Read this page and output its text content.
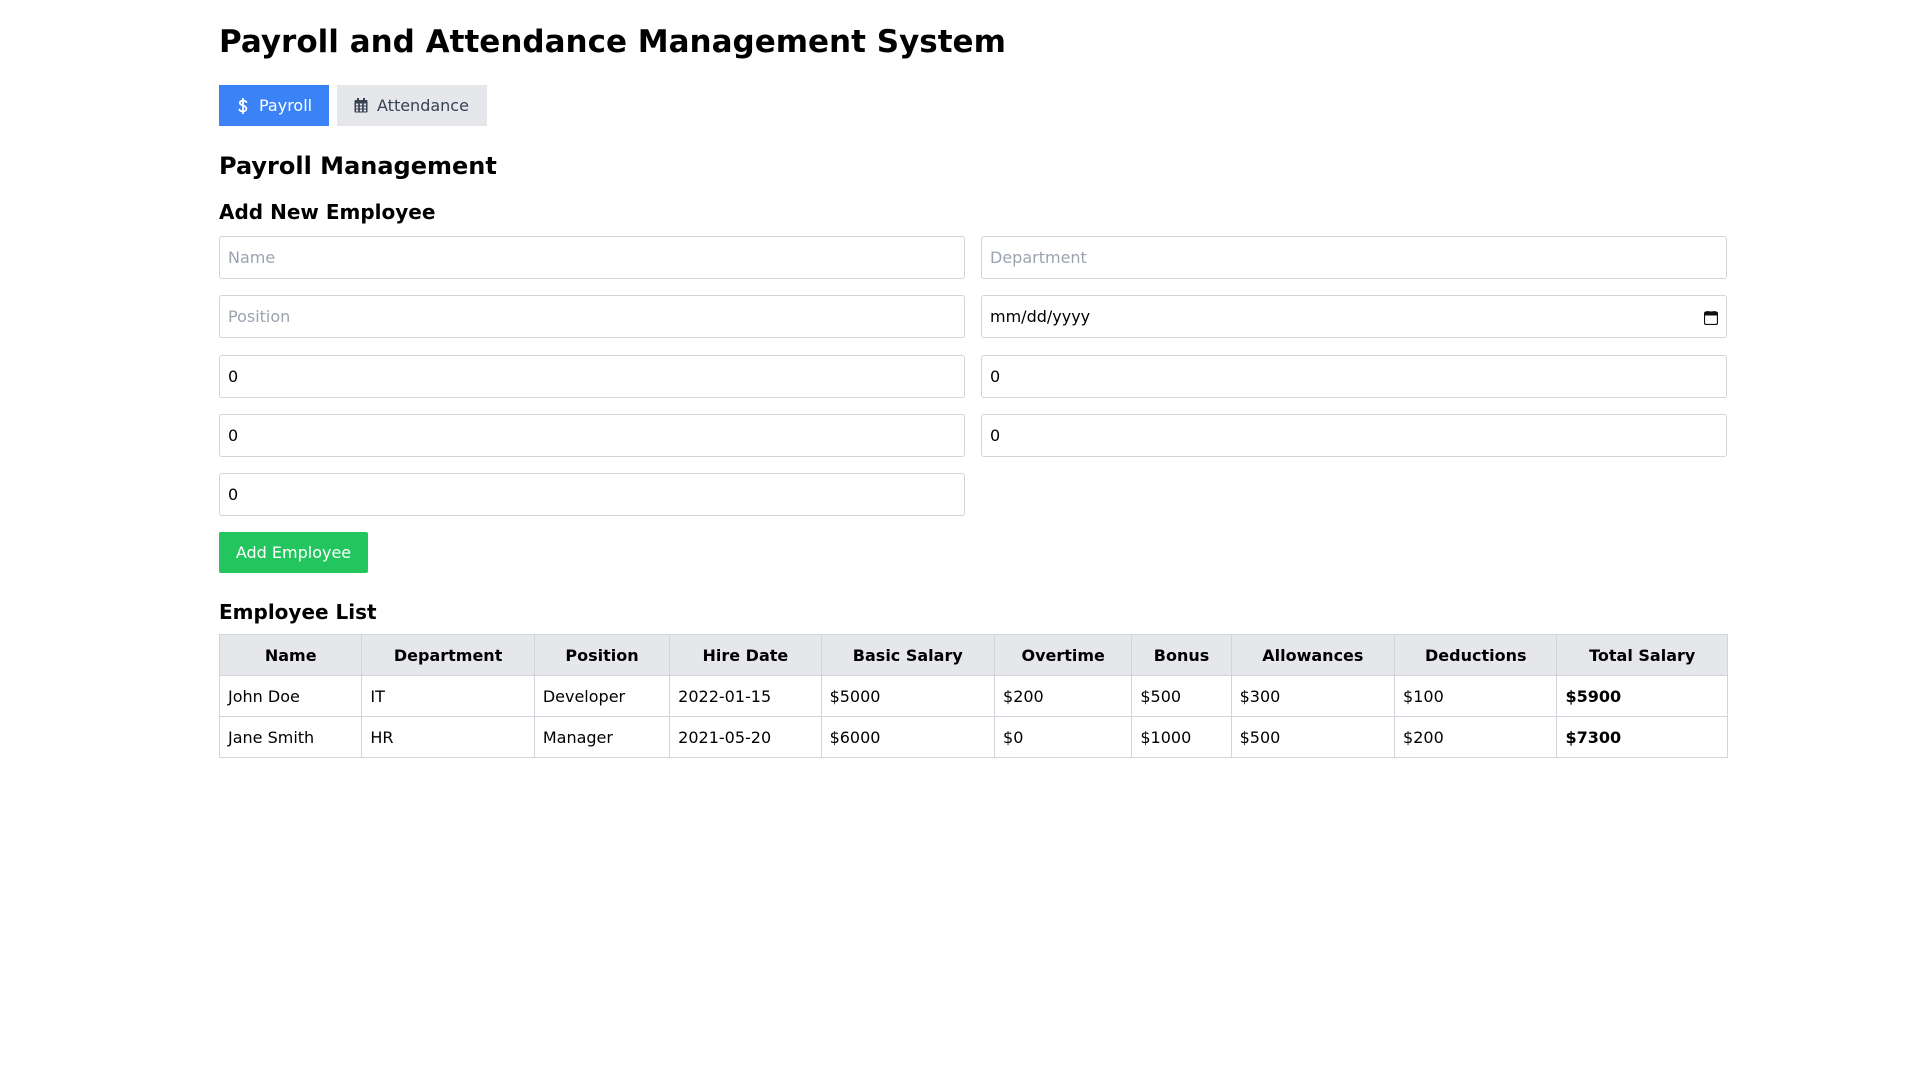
Payroll and Attendance Management System
Payroll	Attendance
Payroll Management
Add New Employee
Name	Department
Position	mm/dd/yyyy
0	0
0	0
0
Add Employee
Employee List
Name	Department	Position	Hire Date	Basic Salary	Overtime	Bonus	Allowances	Deductions	Total Salary
John Doe	IT	Developer	2022-01-15	$5000	$200	$500	$300	$100	$5900
Jane Smith	HR	Manager	2021-05-20	$6000	$0	$1000	$500	$200	$7300
